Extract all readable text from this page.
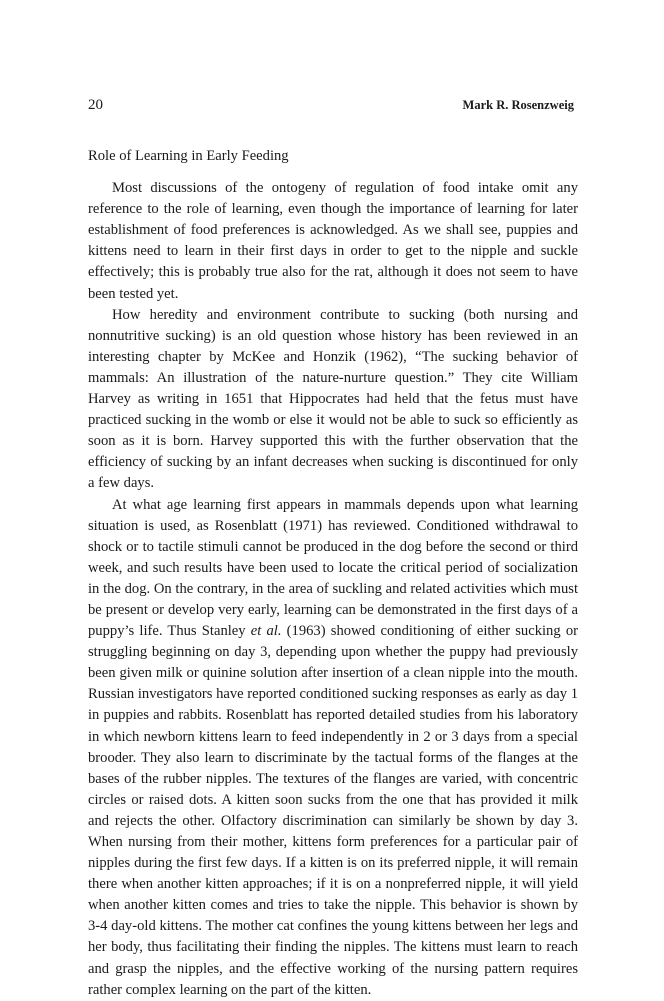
20	Mark R. Rosenzweig
Role of Learning in Early Feeding

Most discussions of the ontogeny of regulation of food intake omit any reference to the role of learning, even though the importance of learning for later establishment of food preferences is acknowledged. As we shall see, puppies and kittens need to learn in their first days in order to get to the nipple and suckle effectively; this is probably true also for the rat, although it does not seem to have been tested yet.

How heredity and environment contribute to sucking (both nursing and nonnutritive sucking) is an old question whose history has been reviewed in an interesting chapter by McKee and Honzik (1962), “The sucking behavior of mammals: An illustration of the nature-nurture question.” They cite William Harvey as writing in 1651 that Hippocrates had held that the fetus must have practiced sucking in the womb or else it would not be able to suck so efficiently as soon as it is born. Harvey supported this with the further observation that the efficiency of sucking by an infant decreases when sucking is discontinued for only a few days.

At what age learning first appears in mammals depends upon what learning situation is used, as Rosenblatt (1971) has reviewed. Conditioned withdrawal to shock or to tactile stimuli cannot be produced in the dog before the second or third week, and such results have been used to locate the critical period of socialization in the dog. On the contrary, in the area of suckling and related activities which must be present or develop very early, learning can be demonstrated in the first days of a puppy’s life. Thus Stanley et al. (1963) showed conditioning of either sucking or struggling beginning on day 3, depending upon whether the puppy had previously been given milk or quinine solution after insertion of a clean nipple into the mouth. Russian investigators have reported conditioned sucking responses as early as day 1 in puppies and rabbits. Rosenblatt has reported detailed studies from his laboratory in which newborn kittens learn to feed independently in 2 or 3 days from a special brooder. They also learn to discriminate by the tactual forms of the flanges at the bases of the rubber nipples. The textures of the flanges are varied, with concentric circles or raised dots. A kitten soon sucks from the one that has provided it milk and rejects the other. Olfactory discrimination can similarly be shown by day 3. When nursing from their mother, kittens form preferences for a particular pair of nipples during the first few days. If a kitten is on its preferred nipple, it will remain there when another kitten approaches; if it is on a nonpreferred nipple, it will yield when another kitten comes and tries to take the nipple. This behavior is shown by 3-4 day-old kittens. The mother cat confines the young kittens between her legs and her body, thus facilitating their finding the nipples. The kittens must learn to reach and grasp the nipples, and the effective working of the nursing pattern requires rather complex learning on the part of the kitten.
